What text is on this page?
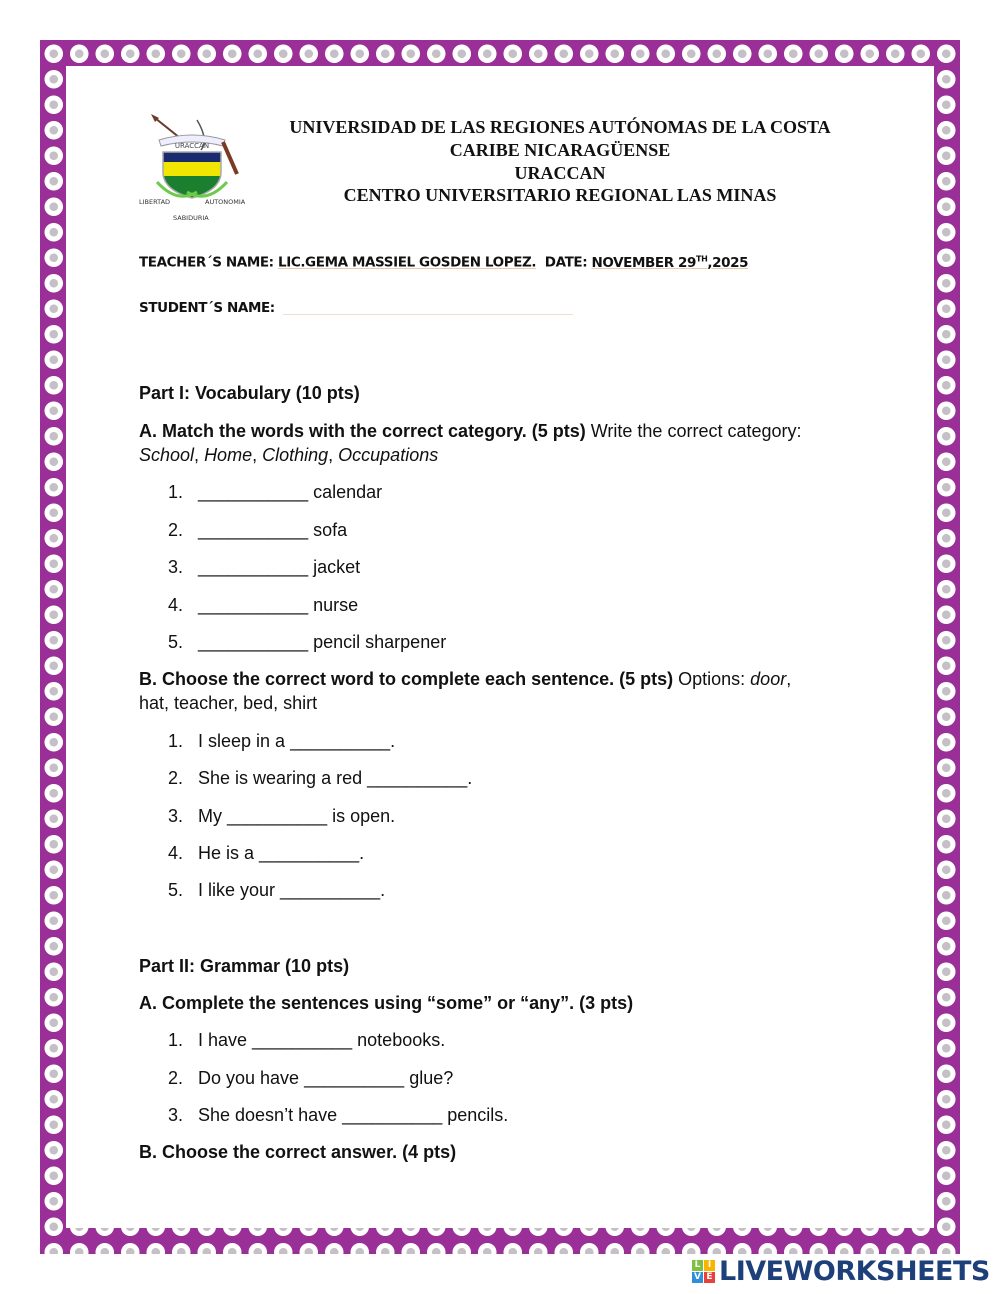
URACCAN
LIBERTAD	AUTONOMIA
SABIDURIA
UNIVERSIDAD DE LAS REGIONES AUTÓNOMAS DE LA COSTA
CARIBE NICARAGÜENSE
URACCAN
CENTRO UNIVERSITARIO REGIONAL LAS MINAS
TEACHER´S NAME: LIC.GEMA MASSIEL GOSDEN LOPEZ. DATE: NOVEMBER 29TH,2025
STUDENT´S NAME:
Part I: Vocabulary (10 pts)
A. Match the words with the correct category. (5 pts) Write the correct category:
School, Home, Clothing, Occupations
1. ___________ calendar
2. ___________ sofa
3. ___________ jacket
4. ___________ nurse
5. ___________ pencil sharpener
B. Choose the correct word to complete each sentence. (5 pts) Options: door,
hat, teacher, bed, shirt
1. I sleep in a __________.
2. She is wearing a red __________.
3. My __________ is open.
4. He is a __________.
5. I like your __________.
Part II: Grammar (10 pts)
A. Complete the sentences using “some” or “any”. (3 pts)
1. I have __________ notebooks.
2. Do you have __________ glue?
3. She doesn’t have __________ pencils.
B. Choose the correct answer. (4 pts)
L I
V E LIVEWORKSHEETS
